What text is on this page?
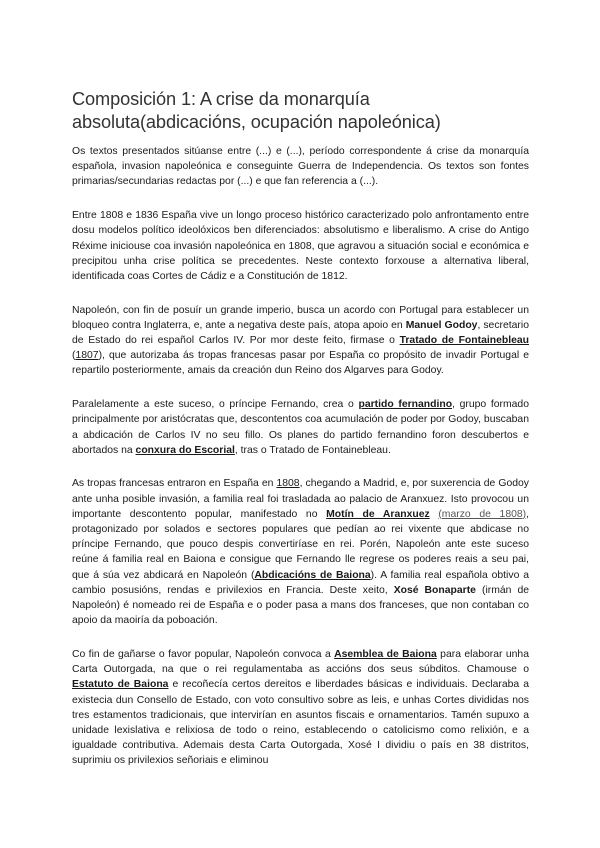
Composición 1: A crise da monarquía absoluta(abdicacións, ocupación napoleónica)

Os textos presentados sitúanse entre (...) e (...), período correspondente á crise da monarquía española, invasion napoleónica e conseguinte Guerra de Independencia. Os textos son fontes primarias/secundarias redactas por (...) e que fan referencia a (...).

Entre 1808 e 1836 España vive un longo proceso histórico caracterizado polo anfrontamento entre dosu modelos político ideolóxicos ben diferenciados: absolutismo e liberalismo. A crise do Antigo Réxime iniciouse coa invasión napoleónica en 1808, que agravou a situación social e económica e precipitou unha crise política se precedentes. Neste contexto forxouse a alternativa liberal, identificada coas Cortes de Cádiz e a Constitución de 1812.

Napoleón, con fin de posuír un grande imperio, busca un acordo con Portugal para establecer un bloqueo contra Inglaterra, e, ante a negativa deste país, atopa apoio en Manuel Godoy, secretario de Estado do rei español Carlos IV. Por mor deste feito, firmase o Tratado de Fontainebleau (1807), que autorizaba ás tropas francesas pasar por España co propósito de invadir Portugal e repartilo posteriormente, amais da creación dun Reino dos Algarves para Godoy.

Paralelamente a este suceso, o príncipe Fernando, crea o partido fernandino, grupo formado principalmente por aristócratas que, descontentos coa acumulación de poder por Godoy, buscaban a abdicación de Carlos IV no seu fillo. Os planes do partido fernandino foron descubertos e abortados na conxura do Escorial, tras o Tratado de Fontainebleau.

As tropas francesas entraron en España en 1808, chegando a Madrid, e, por suxerencia de Godoy ante unha posible invasión, a familia real foi trasladada ao palacio de Aranxuez. Isto provocou un importante descontento popular, manifestado no Motín de Aranxuez (marzo de 1808), protagonizado por solados e sectores populares que pedían ao rei vixente que abdicase no príncipe Fernando, que pouco despis convertiríase en rei. Porén, Napoleón ante este suceso reúne á familia real en Baiona e consigue que Fernando lle regrese os poderes reais a seu pai, que á súa vez abdicará en Napoleón (Abdicacións de Baiona). A familia real española obtivo a cambio posusións, rendas e privilexios en Francia. Deste xeito, Xosé Bonaparte (irmán de Napoleón) é nomeado rei de España e o poder pasa a mans dos franceses, que non contaban co apoio da maoiría da poboación.

Co fin de gañarse o favor popular, Napoleón convoca a Asemblea de Baiona para elaborar unha Carta Outorgada, na que o rei regulamentaba as accións dos seus súbditos. Chamouse o Estatuto de Baiona e recoñecía certos dereitos e liberdades básicas e individuais. Declaraba a existecia dun Consello de Estado, con voto consultivo sobre as leis, e unhas Cortes divididas nos tres estamentos tradicionais, que intervirían en asuntos fiscais e ornamentarios. Tamén supuxo a unidade lexislativa e relixiosa de todo o reino, establecendo o catolicismo como relixión, e a igualdade contributiva. Ademais desta Carta Outorgada, Xosé I dividiu o país en 38 distritos, suprimiu os privilexios señoriais e eliminou
